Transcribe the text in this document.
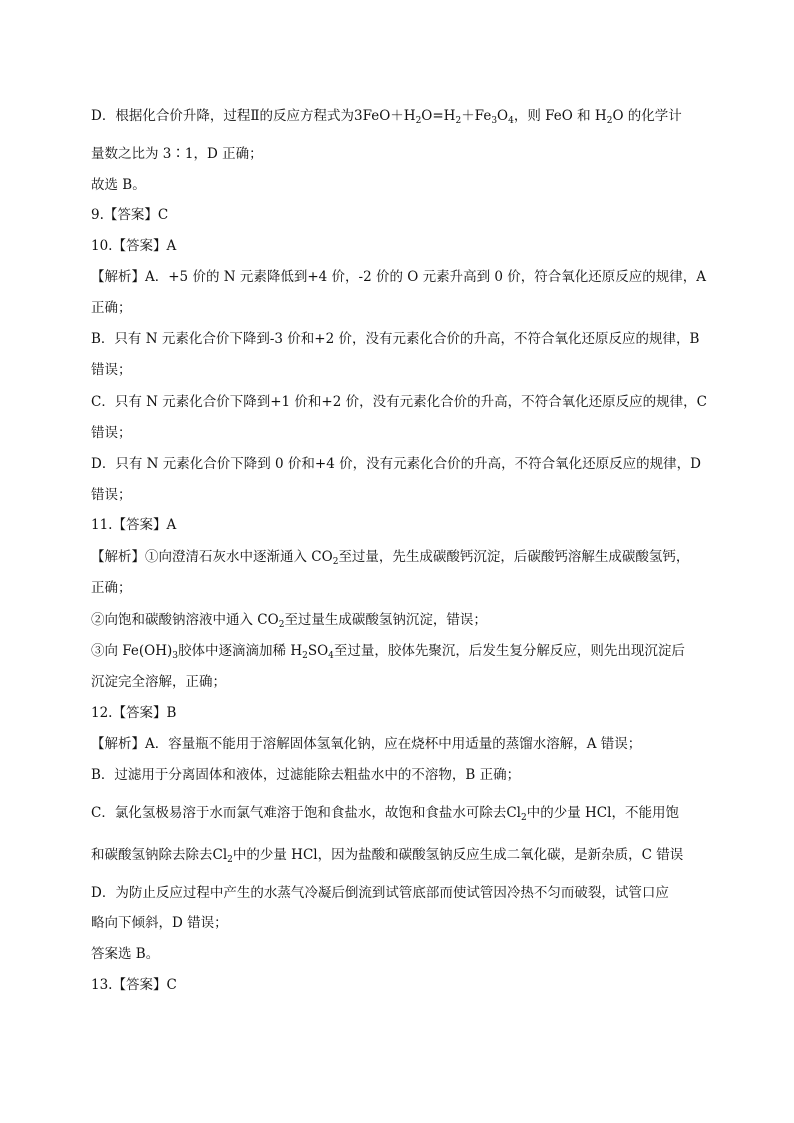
D．根据化合价升降，过程Ⅱ的反应方程式为$3FeO+H_2O=H_2+Fe_3O_4$，则 FeO 和 $H_2O$ 的化学计
量数之比为 3∶1，D 正确；
故选 B。
9.【答案】C
10.【答案】A
【解析】A．+5 价的 N 元素降低到+4 价，-2 价的 O 元素升高到 0 价，符合氧化还原反应的规律，A
正确；
B．只有 N 元素化合价下降到-3 价和+2 价，没有元素化合价的升高，不符合氧化还原反应的规律，B
错误；
C．只有 N 元素化合价下降到+1 价和+2 价，没有元素化合价的升高，不符合氧化还原反应的规律，C
错误；
D．只有 N 元素化合价下降到 0 价和+4 价，没有元素化合价的升高，不符合氧化还原反应的规律，D
错误；
11.【答案】A
【解析】①向澄清石灰水中逐渐通入 $CO_2$至过量，先生成碳酸钙沉淀，后碳酸钙溶解生成碳酸氢钙，
正确；
②向饱和碳酸钠溶液中通入 $CO_2$至过量生成碳酸氢钠沉淀，错误；
③向 $Fe(OH)_3$胶体中逐滴滴加稀 $H_2SO_4$至过量，胶体先聚沉，后发生复分解反应，则先出现沉淀后
沉淀完全溶解，正确；
12.【答案】B
【解析】A．容量瓶不能用于溶解固体氢氧化钠，应在烧杯中用适量的蒸馏水溶解，A 错误；
B．过滤用于分离固体和液体，过滤能除去粗盐水中的不溶物，B 正确；
C．氯化氢极易溶于水而氯气难溶于饱和食盐水，故饱和食盐水可除去$Cl_2$中的少量 HCl，不能用饱
和碳酸氢钠除去除去$Cl_2$中的少量 HCl，因为盐酸和碳酸氢钠反应生成二氧化碳，是新杂质，C 错误
D．为防止反应过程中产生的水蒸气冷凝后倒流到试管底部而使试管因冷热不匀而破裂，试管口应
略向下倾斜，D 错误；
答案选 B。
13.【答案】C
